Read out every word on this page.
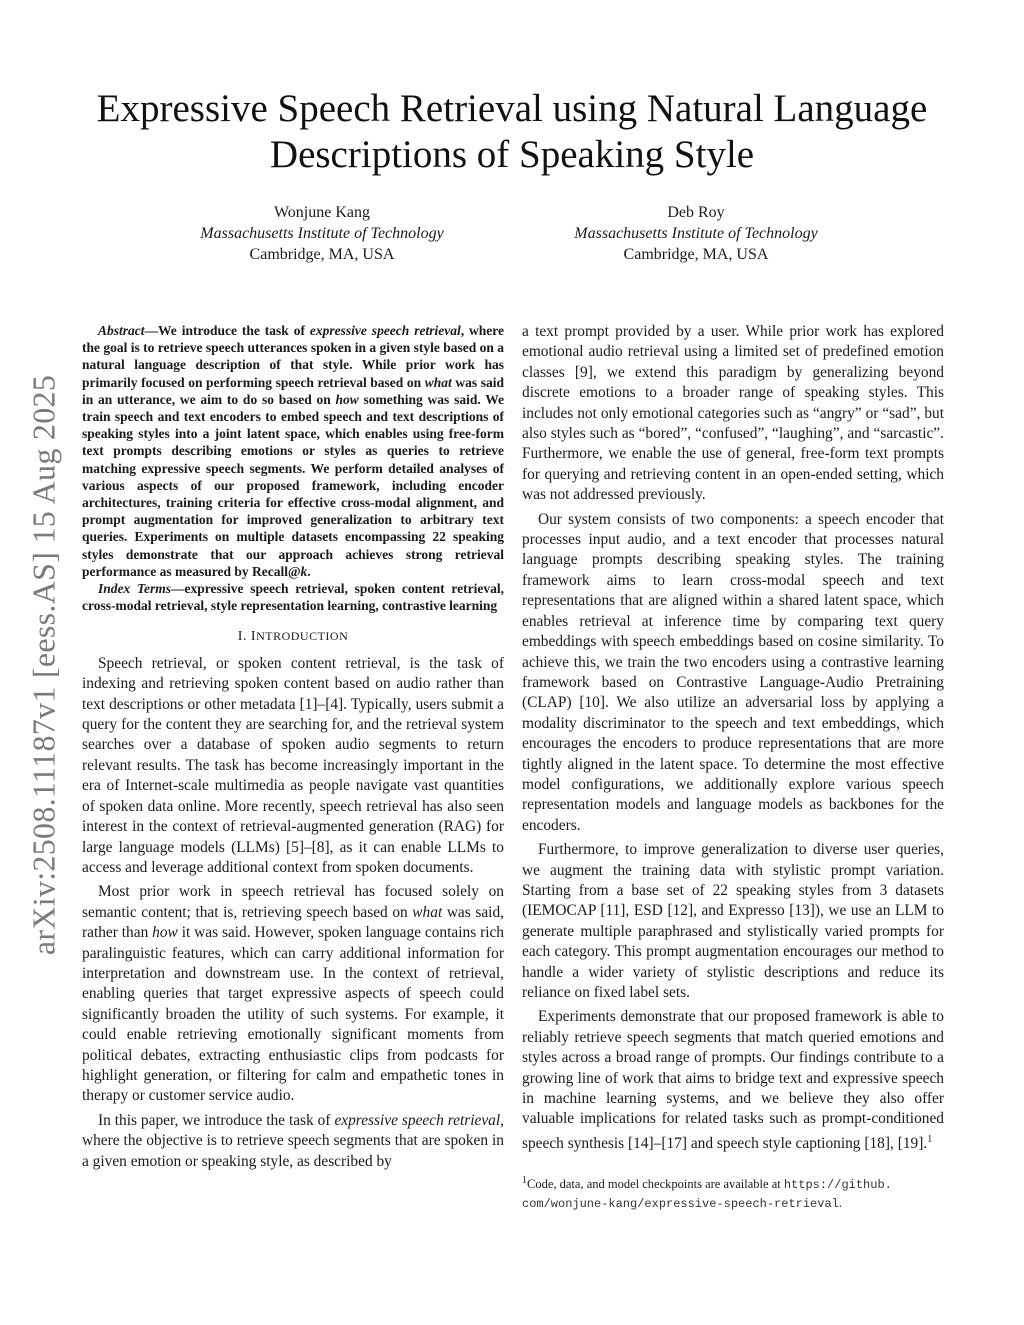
arXiv:2508.11187v1 [eess.AS] 15 Aug 2025
Expressive Speech Retrieval using Natural Language Descriptions of Speaking Style
Wonjune Kang
Massachusetts Institute of Technology
Cambridge, MA, USA
Deb Roy
Massachusetts Institute of Technology
Cambridge, MA, USA

Abstract—We introduce the task of expressive speech retrieval, where the goal is to retrieve speech utterances spoken in a given style based on a natural language description of that style. While prior work has primarily focused on performing speech retrieval based on what was said in an utterance, we aim to do so based on how something was said. We train speech and text encoders to embed speech and text descriptions of speaking styles into a joint latent space, which enables using free-form text prompts describing emotions or styles as queries to retrieve matching expressive speech segments. We perform detailed analyses of various aspects of our proposed framework, including encoder architectures, training criteria for effective cross-modal alignment, and prompt augmentation for improved generalization to arbitrary text queries. Experiments on multiple datasets encompassing 22 speaking styles demonstrate that our approach achieves strong retrieval performance as measured by Recall@k.

Index Terms—expressive speech retrieval, spoken content retrieval, cross-modal retrieval, style representation learning, contrastive learning

I. INTRODUCTION

Speech retrieval, or spoken content retrieval, is the task of indexing and retrieving spoken content based on audio rather than text descriptions or other metadata [1]–[4]. Typically, users submit a query for the content they are searching for, and the retrieval system searches over a database of spoken audio segments to return relevant results. The task has become increasingly important in the era of Internet-scale multimedia as people navigate vast quantities of spoken data online. More recently, speech retrieval has also seen interest in the context of retrieval-augmented generation (RAG) for large language models (LLMs) [5]–[8], as it can enable LLMs to access and leverage additional context from spoken documents.

Most prior work in speech retrieval has focused solely on semantic content; that is, retrieving speech based on what was said, rather than how it was said. However, spoken language contains rich paralinguistic features, which can carry additional information for interpretation and downstream use. In the context of retrieval, enabling queries that target expressive aspects of speech could significantly broaden the utility of such systems. For example, it could enable retrieving emotionally significant moments from political debates, extracting enthusiastic clips from podcasts for highlight generation, or filtering for calm and empathetic tones in therapy or customer service audio.

In this paper, we introduce the task of expressive speech retrieval, where the objective is to retrieve speech segments that are spoken in a given emotion or speaking style, as described by

a text prompt provided by a user. While prior work has explored emotional audio retrieval using a limited set of predefined emotion classes [9], we extend this paradigm by generalizing beyond discrete emotions to a broader range of speaking styles. This includes not only emotional categories such as “angry” or “sad”, but also styles such as “bored”, “confused”, “laughing”, and “sarcastic”. Furthermore, we enable the use of general, free-form text prompts for querying and retrieving content in an open-ended setting, which was not addressed previously.

Our system consists of two components: a speech encoder that processes input audio, and a text encoder that processes natural language prompts describing speaking styles. The training framework aims to learn cross-modal speech and text representations that are aligned within a shared latent space, which enables retrieval at inference time by comparing text query embeddings with speech embeddings based on cosine similarity. To achieve this, we train the two encoders using a contrastive learning framework based on Contrastive Language-Audio Pretraining (CLAP) [10]. We also utilize an adversarial loss by applying a modality discriminator to the speech and text embeddings, which encourages the encoders to produce representations that are more tightly aligned in the latent space. To determine the most effective model configurations, we additionally explore various speech representation models and language models as backbones for the encoders.

Furthermore, to improve generalization to diverse user queries, we augment the training data with stylistic prompt variation. Starting from a base set of 22 speaking styles from 3 datasets (IEMOCAP [11], ESD [12], and Expresso [13]), we use an LLM to generate multiple paraphrased and stylistically varied prompts for each category. This prompt augmentation encourages our method to handle a wider variety of stylistic descriptions and reduce its reliance on fixed label sets.

Experiments demonstrate that our proposed framework is able to reliably retrieve speech segments that match queried emotions and styles across a broad range of prompts. Our findings contribute to a growing line of work that aims to bridge text and expressive speech in machine learning systems, and we believe they also offer valuable implications for related tasks such as prompt-conditioned speech synthesis [14]–[17] and speech style captioning [18], [19].$^1$

$^1$Code, data, and model checkpoints are available at https://github. com/wonjune-kang/expressive-speech-retrieval.
